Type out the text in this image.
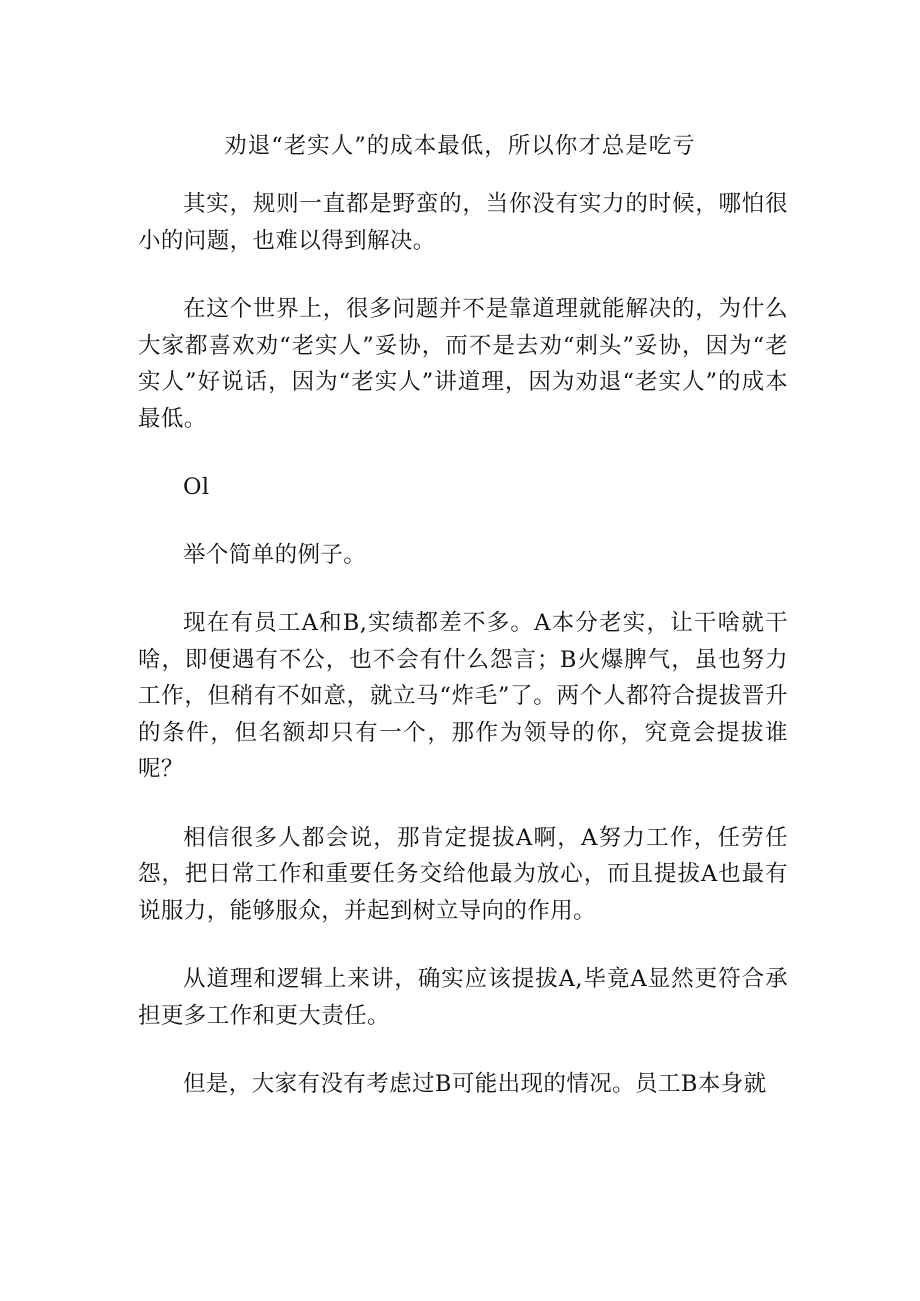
劝退“老实人”的成本最低，所以你才总是吃亏

其实，规则一直都是野蛮的，当你没有实力的时候，哪怕很小的问题，也难以得到解决。

在这个世界上，很多问题并不是靠道理就能解决的，为什么大家都喜欢劝“老实人”妥协，而不是去劝“刺头”妥协，因为“老实人”好说话，因为“老实人”讲道理，因为劝退“老实人”的成本最低。

Ol

举个简单的例子。

现在有员工A和B,实绩都差不多。A本分老实，让干啥就干啥，即便遇有不公，也不会有什么怨言；B火爆脾气，虽也努力工作，但稍有不如意，就立马“炸毛”了。两个人都符合提拔晋升的条件，但名额却只有一个，那作为领导的你，究竟会提拔谁呢？

相信很多人都会说，那肯定提拔A啊，A努力工作，任劳任怨，把日常工作和重要任务交给他最为放心，而且提拔A也最有说服力，能够服众，并起到树立导向的作用。

从道理和逻辑上来讲，确实应该提拔A,毕竟A显然更符合承担更多工作和更大责任。

但是，大家有没有考虑过B可能出现的情况。员工B本身就
